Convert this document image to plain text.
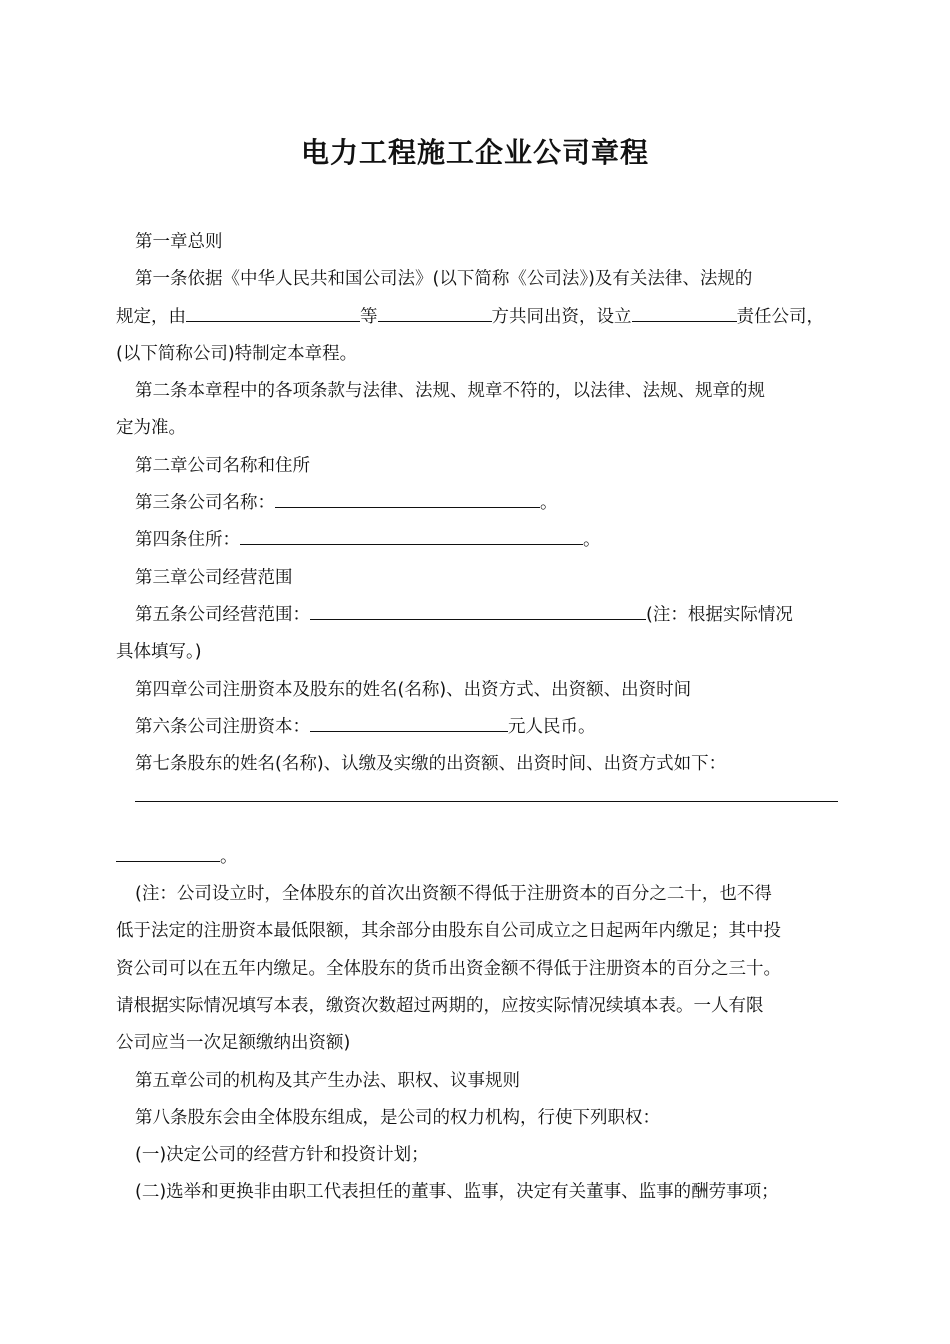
电力工程施工企业公司章程
第一章总则
第一条依据《中华人民共和国公司法》(以下简称《公司法》)及有关法律、法规的
规定，由	等	方共同出资，设立	责任公司，
(以下简称公司)特制定本章程。
第二条本章程中的各项条款与法律、法规、规章不符的，以法律、法规、规章的规
定为准。
第二章公司名称和住所
第三条公司名称：	。
第四条住所：	。
第三章公司经营范围
第五条公司经营范围：	(注：根据实际情况
具体填写。)
第四章公司注册资本及股东的姓名(名称)、出资方式、出资额、出资时间
第六条公司注册资本：	元人民币。
第七条股东的姓名(名称)、认缴及实缴的出资额、出资时间、出资方式如下：
。
(注：公司设立时，全体股东的首次出资额不得低于注册资本的百分之二十，也不得
低于法定的注册资本最低限额，其余部分由股东自公司成立之日起两年内缴足；其中投
资公司可以在五年内缴足。全体股东的货币出资金额不得低于注册资本的百分之三十。
请根据实际情况填写本表，缴资次数超过两期的，应按实际情况续填本表。一人有限
公司应当一次足额缴纳出资额)
第五章公司的机构及其产生办法、职权、议事规则
第八条股东会由全体股东组成，是公司的权力机构，行使下列职权：
(一)决定公司的经营方针和投资计划；
(二)选举和更换非由职工代表担任的董事、监事，决定有关董事、监事的酬劳事项；
